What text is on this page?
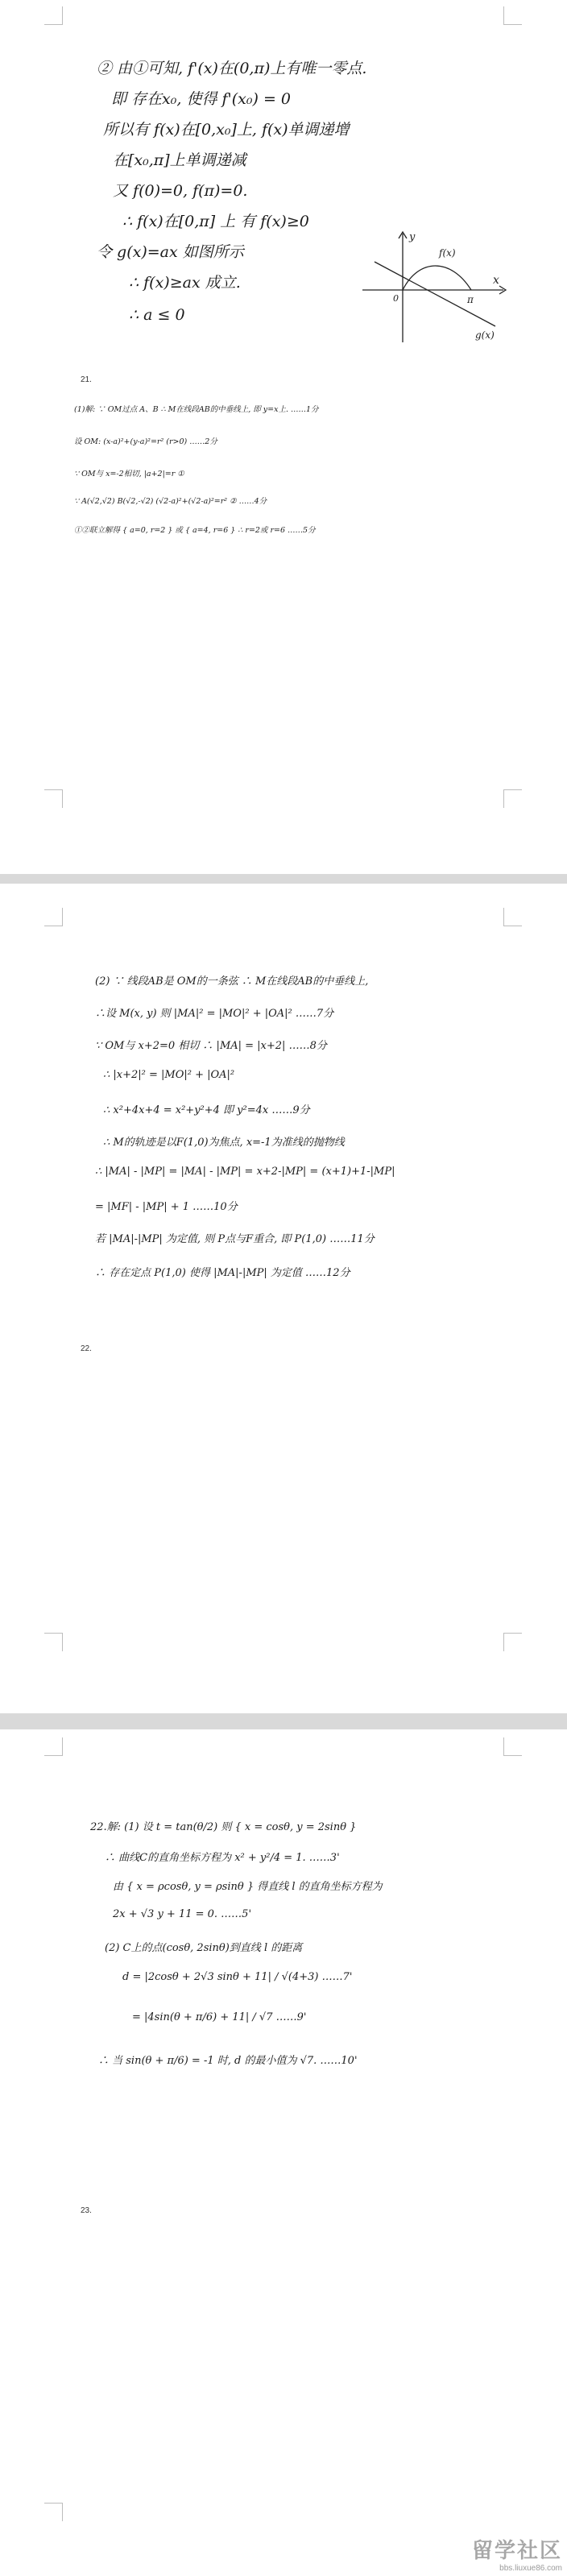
② 由①可知, f'(x)在(0,π)上有唯一零点.
即 存在x₀, 使得 f'(x₀) = 0
所以有 f(x)在[0,x₀]上, f(x)单调递增
在[x₀,π]上单调递减
又 f(0)=0, f(π)=0.
∴ f(x)在[0,π] 上 有 f(x)≥0
令 g(x)=ax 如图所示
∴ f(x)≥ax 成立.
∴ a ≤ 0
y
f(x)
x
0	π
g(x)
21.
(1)解: ∵ OM过点 A、B ∴ M在线段AB的中垂线上, 即 y=x上. ……1分
设 OM: (x-a)²+(y-a)²=r² (r>0) ……2分
∵ OM与 x=-2相切, |a+2|=r ①
∵ A(√2,√2) B(√2,-√2) (√2-a)²+(√2-a)²=r² ② ……4分
①②联立解得 { a=0, r=2 } 或 { a=4, r=6 } ∴ r=2或 r=6 ……5分
(2) ∵ 线段AB是 OM的一条弦 ∴ M在线段AB的中垂线上,
∴设 M(x, y) 则 |MA|² = |MO|² + |OA|² ……7分
∵ OM与 x+2=0 相切 ∴ |MA| = |x+2| ……8分
∴ |x+2|² = |MO|² + |OA|²
∴ x²+4x+4 = x²+y²+4 即 y²=4x ……9分
∴ M的轨迹是以F(1,0)为焦点, x=-1为准线的抛物线
∴ |MA| - |MP| = |MA| - |MP| = x+2-|MP| = (x+1)+1-|MP|
= |MF| - |MP| + 1 ……10分
若 |MA|-|MP| 为定值, 则 P点与F重合, 即 P(1,0) ……11分
∴ 存在定点 P(1,0) 使得 |MA|-|MP| 为定值 ……12分
22.
22.解: (1) 设 t = tan(θ/2) 则 { x = cosθ, y = 2sinθ }
∴ 曲线C的直角坐标方程为 x² + y²/4 = 1. ……3'
由 { x = ρcosθ, y = ρsinθ } 得直线 l 的直角坐标方程为
2x + √3 y + 11 = 0. ……5'
(2) C上的点(cosθ, 2sinθ)到直线 l 的距离
d = |2cosθ + 2√3 sinθ + 11| / √(4+3) ……7'
= |4sin(θ + π/6) + 11| / √7 ……9'
∴ 当 sin(θ + π/6) = -1 时, d 的最小值为 √7. ……10'
23.
留学社区
bbs.liuxue86.com
